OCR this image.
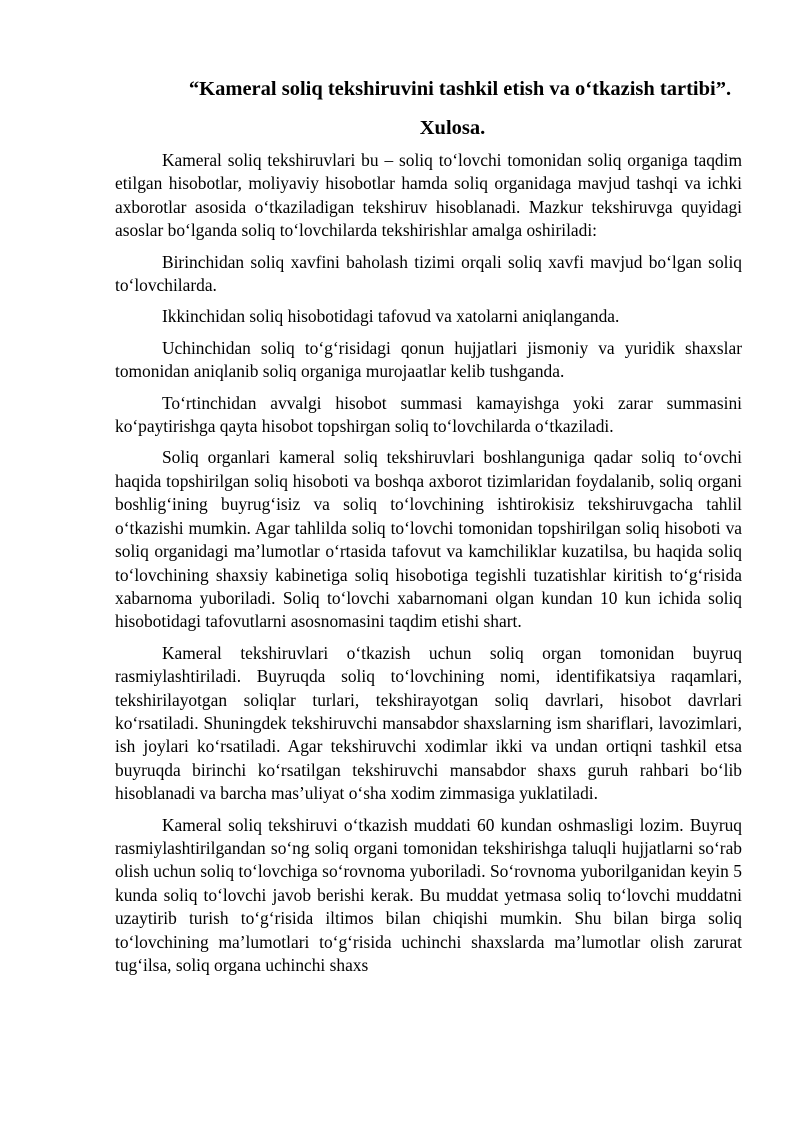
“Kameral soliq tekshiruvini tashkil etish va o‘tkazish tartibi”.
Xulosa.

Kameral soliq tekshiruvlari bu – soliq to‘lovchi tomonidan soliq organiga taqdim etilgan hisobotlar, moliyaviy hisobotlar hamda soliq organidaga mavjud tashqi va ichki axborotlar asosida o‘tkaziladigan tekshiruv hisoblanadi. Mazkur tekshiruvga quyidagi asoslar bo‘lganda soliq to‘lovchilarda tekshirishlar amalga oshiriladi:

Birinchidan soliq xavfini baholash tizimi orqali soliq xavfi mavjud bo‘lgan soliq to‘lovchilarda.

Ikkinchidan soliq hisobotidagi tafovud va xatolarni aniqlanganda.

Uchinchidan soliq to‘g‘risidagi qonun hujjatlari jismoniy va yuridik shaxslar tomonidan aniqlanib soliq organiga murojaatlar kelib tushganda.

To‘rtinchidan avvalgi hisobot summasi kamayishga yoki zarar summasini ko‘paytirishga qayta hisobot topshirgan soliq to‘lovchilarda o‘tkaziladi.

Soliq organlari kameral soliq tekshiruvlari boshlanguniga qadar soliq to‘ovchi haqida topshirilgan soliq hisoboti va boshqa axborot tizimlaridan foydalanib, soliq organi boshlig‘ining buyrug‘isiz va soliq to‘lovchining ishtirokisiz tekshiruvgacha tahlil o‘tkazishi mumkin. Agar tahlilda soliq to‘lovchi tomonidan topshirilgan soliq hisoboti va soliq organidagi ma’lumotlar o‘rtasida tafovut va kamchiliklar kuzatilsa, bu haqida soliq to‘lovchining shaxsiy kabinetiga soliq hisobotiga tegishli tuzatishlar kiritish to‘g‘risida xabarnoma yuboriladi. Soliq to‘lovchi xabarnomani olgan kundan 10 kun ichida soliq hisobotidagi tafovutlarni asosnomasini taqdim etishi shart.

Kameral tekshiruvlari o‘tkazish uchun soliq organ tomonidan buyruq rasmiylashtiriladi. Buyruqda soliq to‘lovchining nomi, identifikatsiya raqamlari, tekshirilayotgan soliqlar turlari, tekshirayotgan soliq davrlari, hisobot davrlari ko‘rsatiladi. Shuningdek tekshiruvchi mansabdor shaxslarning ism shariflari, lavozimlari, ish joylari ko‘rsatiladi. Agar tekshiruvchi xodimlar ikki va undan ortiqni tashkil etsa buyruqda birinchi ko‘rsatilgan tekshiruvchi mansabdor shaxs guruh rahbari bo‘lib hisoblanadi va barcha mas’uliyat o‘sha xodim zimmasiga yuklatiladi.

Kameral soliq tekshiruvi o‘tkazish muddati 60 kundan oshmasligi lozim. Buyruq rasmiylashtirilgandan so‘ng soliq organi tomonidan tekshirishga taluqli hujjatlarni so‘rab olish uchun soliq to‘lovchiga so‘rovnoma yuboriladi. So‘rovnoma yuborilganidan keyin 5 kunda soliq to‘lovchi javob berishi kerak. Bu muddat yetmasa soliq to‘lovchi muddatni uzaytirib turish to‘g‘risida iltimos bilan chiqishi mumkin. Shu bilan birga soliq to‘lovchining ma’lumotlari to‘g‘risida uchinchi shaxslarda ma’lumotlar olish zarurat tug‘ilsa, soliq organa uchinchi shaxs
